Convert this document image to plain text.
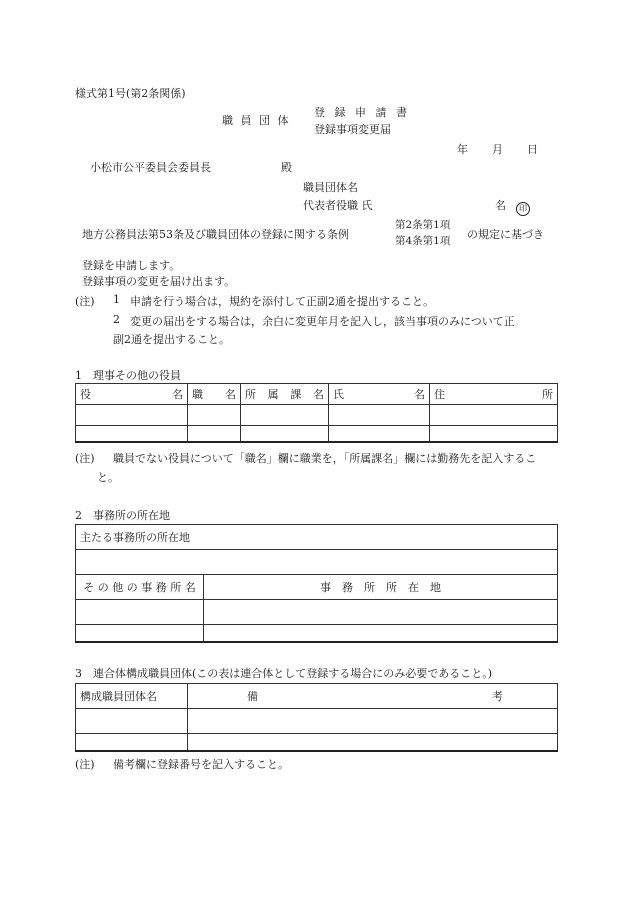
様式第1号(第2条関係)
職 員 団 体
登 録 申 請 書
登録事項変更届
年 月 日
小松市公平委員会委員長	殿
職員団体名
代表者役職 氏	名	印
地方公務員法第53条及び職員団体の登録に関する条例
第2条第1項
第4条第1項 の規定に基づき
登録を申請します。
登録事項の変更を届け出ます。
(注) 1 申請を行う場合は，規約を添付して正副2通を提出すること。
2 変更の届出をする場合は，余白に変更年月を記入し，該当事項のみについて正
副2通を提出すること。
1　理事その他の役員
役 名	職 名	所 属 課 名	氏 名	住 所

(注) 職員でない役員について「職名」欄に職業を，「所属課名」欄には勤務先を記入するこ
と。
2　事務所の所在地
主たる事務所の所在地	

そ の 他 の 事 務 所 名	事　務　所　所　在　地

3　連合体構成職員団体(この表は連合体として登録する場合にのみ必要であること。)
構成職員団体名	備 考

(注) 備考欄に登録番号を記入すること。
